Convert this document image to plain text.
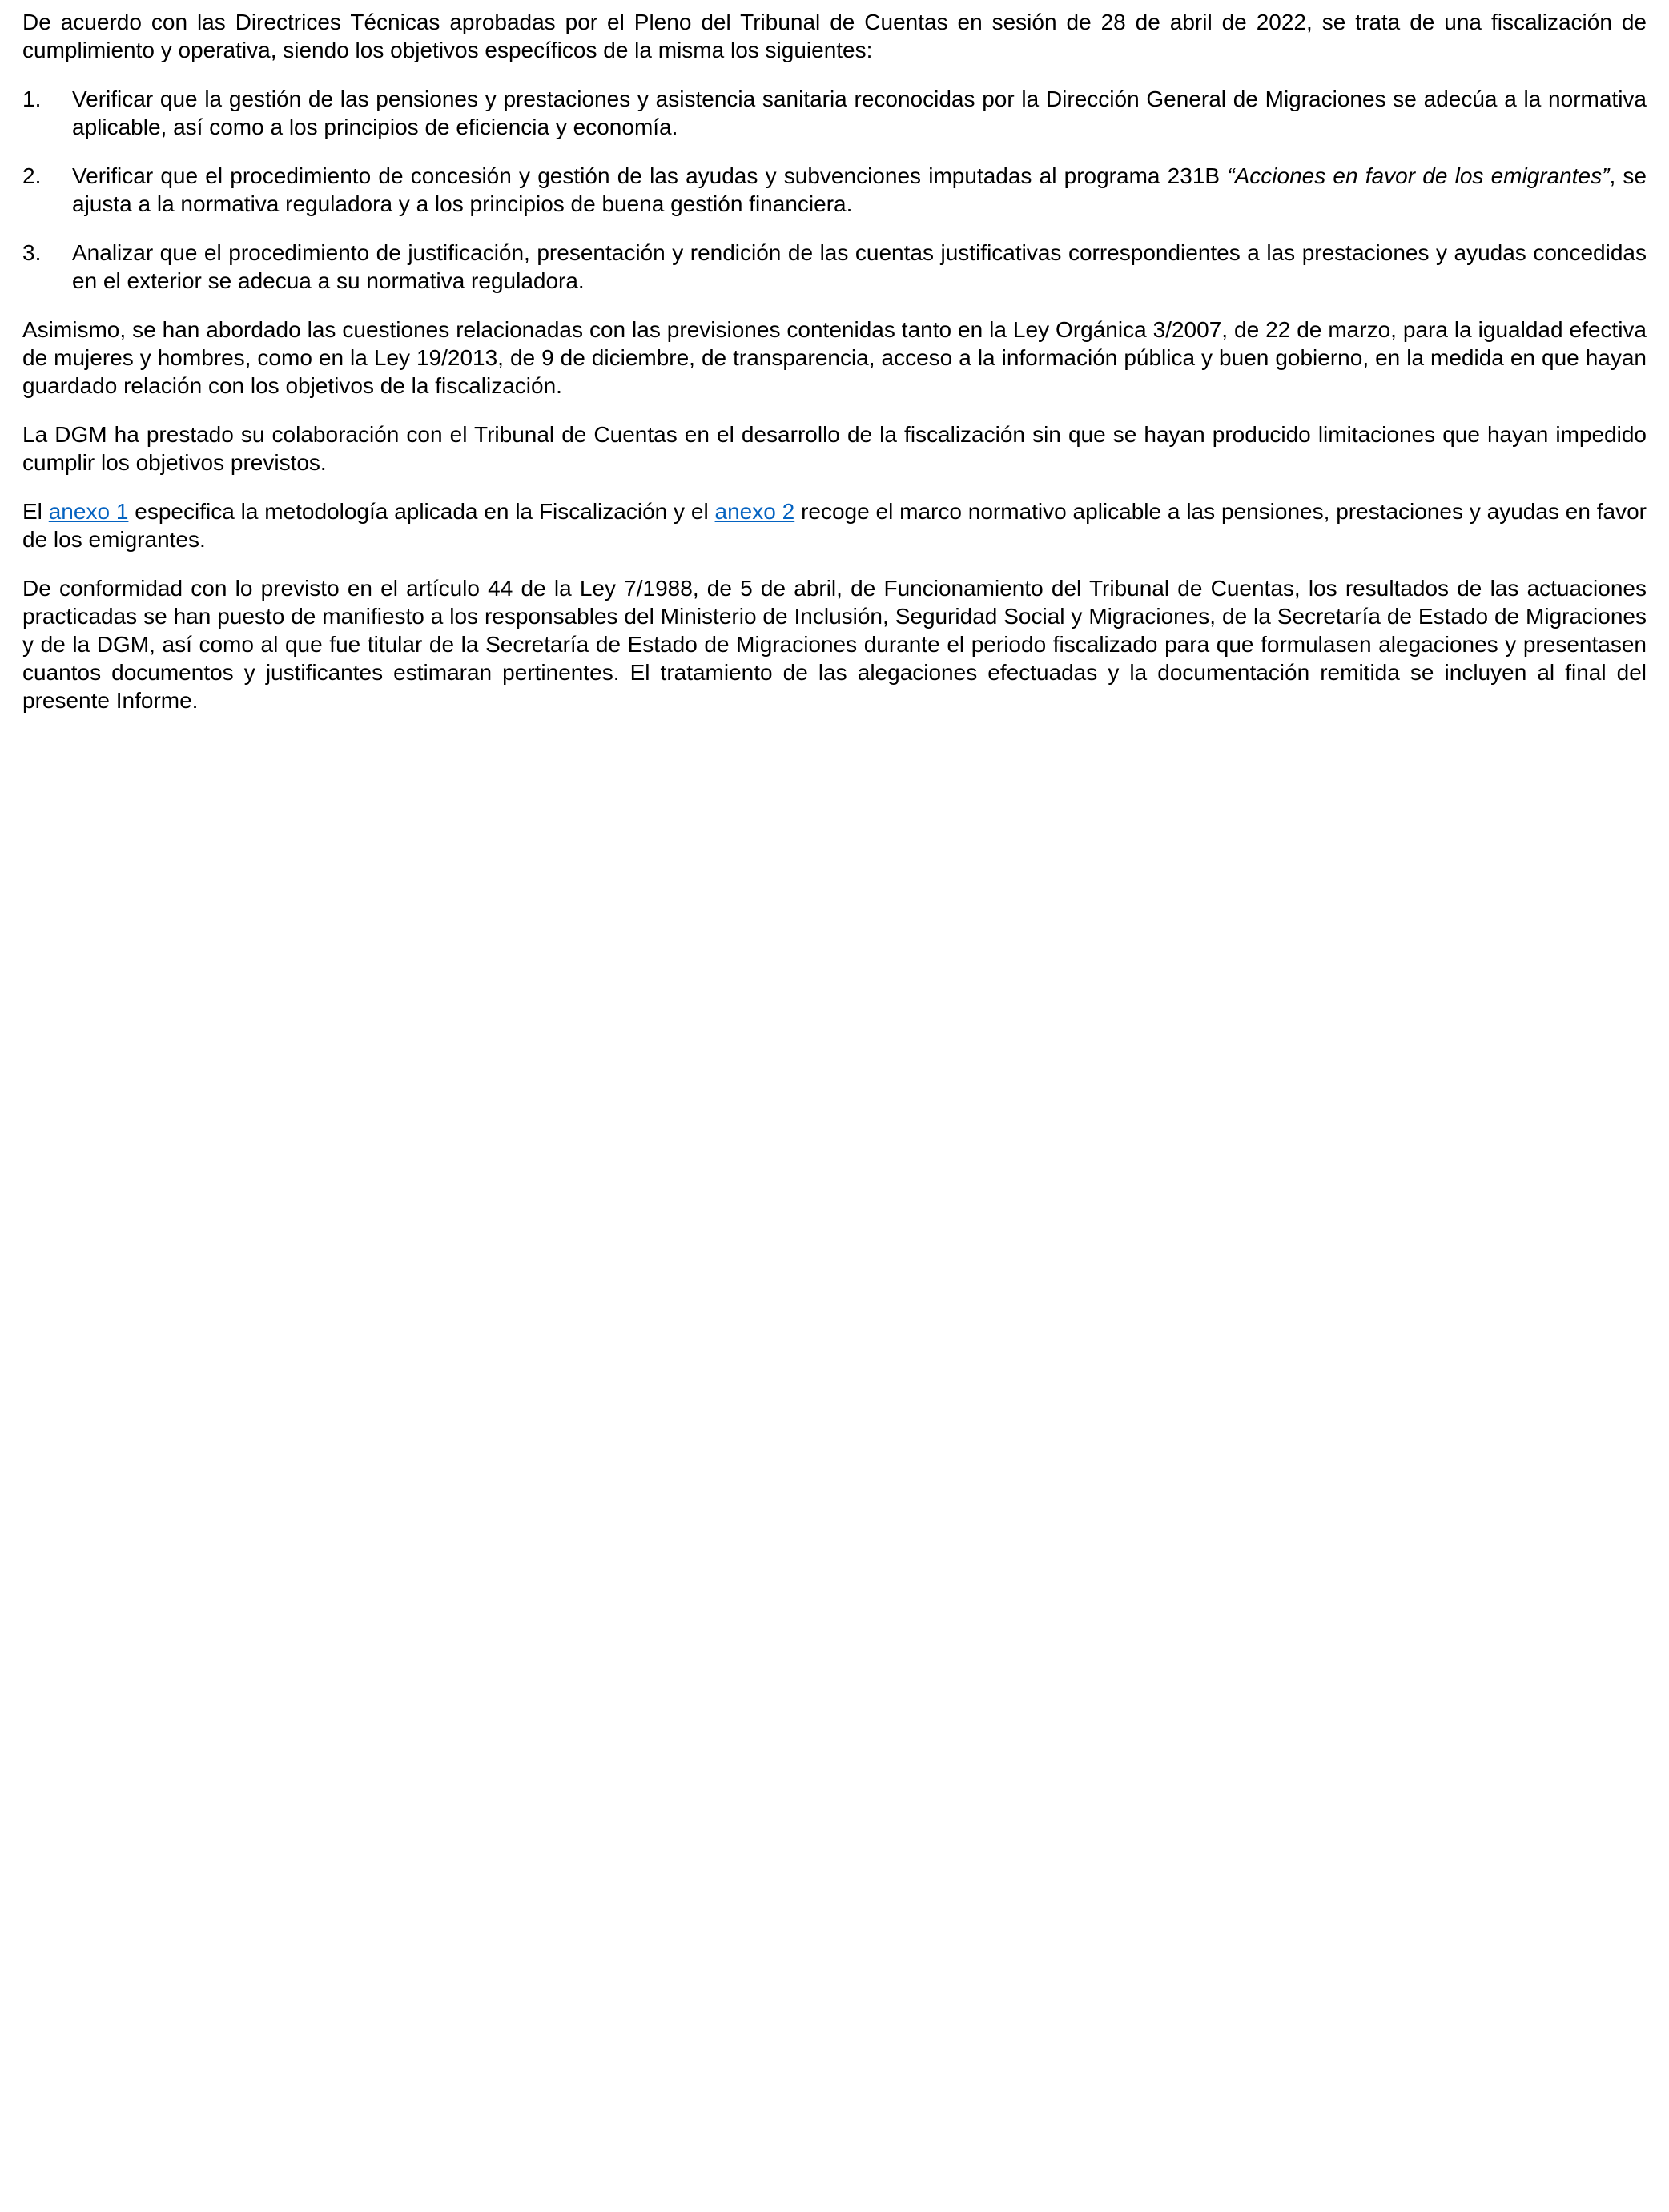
De acuerdo con las Directrices Técnicas aprobadas por el Pleno del Tribunal de Cuentas en sesión de 28 de abril de 2022, se trata de una fiscalización de cumplimiento y operativa, siendo los objetivos específicos de la misma los siguientes:

1.	Verificar que la gestión de las pensiones y prestaciones y asistencia sanitaria reconocidas por la Dirección General de Migraciones se adecúa a la normativa aplicable, así como a los principios de eficiencia y economía.
2.	Verificar que el procedimiento de concesión y gestión de las ayudas y subvenciones imputadas al programa 231B “Acciones en favor de los emigrantes”, se ajusta a la normativa reguladora y a los principios de buena gestión financiera.
3.	Analizar que el procedimiento de justificación, presentación y rendición de las cuentas justificativas correspondientes a las prestaciones y ayudas concedidas en el exterior se adecua a su normativa reguladora.

Asimismo, se han abordado las cuestiones relacionadas con las previsiones contenidas tanto en la Ley Orgánica 3/2007, de 22 de marzo, para la igualdad efectiva de mujeres y hombres, como en la Ley 19/2013, de 9 de diciembre, de transparencia, acceso a la información pública y buen gobierno, en la medida en que hayan guardado relación con los objetivos de la fiscalización.

La DGM ha prestado su colaboración con el Tribunal de Cuentas en el desarrollo de la fiscalización sin que se hayan producido limitaciones que hayan impedido cumplir los objetivos previstos.

El anexo 1 especifica la metodología aplicada en la Fiscalización y el anexo 2 recoge el marco normativo aplicable a las pensiones, prestaciones y ayudas en favor de los emigrantes.

De conformidad con lo previsto en el artículo 44 de la Ley 7/1988, de 5 de abril, de Funcionamiento del Tribunal de Cuentas, los resultados de las actuaciones practicadas se han puesto de manifiesto a los responsables del Ministerio de Inclusión, Seguridad Social y Migraciones, de la Secretaría de Estado de Migraciones y de la DGM, así como al que fue titular de la Secretaría de Estado de Migraciones durante el periodo fiscalizado para que formulasen alegaciones y presentasen cuantos documentos y justificantes estimaran pertinentes. El tratamiento de las alegaciones efectuadas y la documentación remitida se incluyen al final del presente Informe.
